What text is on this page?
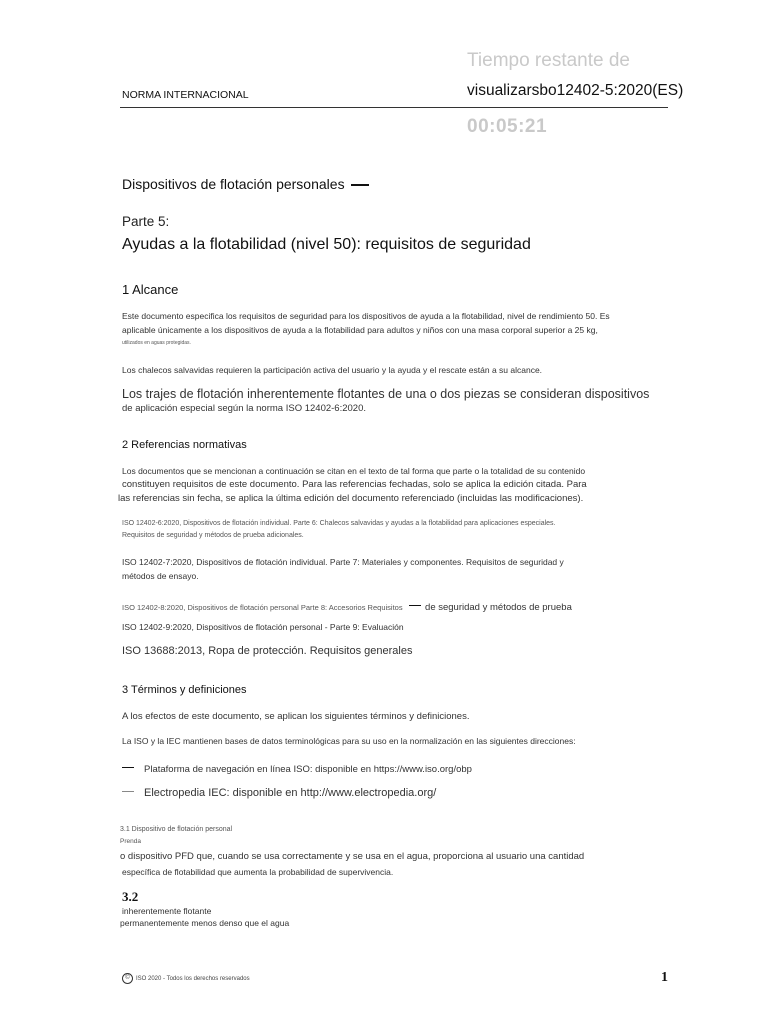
Tiempo restante de
00:05:21
NORMA INTERNACIONAL	visualizarsbo12402-5:2020(ES)
Dispositivos de flotación personales
Parte 5:
Ayudas a la flotabilidad (nivel 50): requisitos de seguridad
1 Alcance
Este documento especifica los requisitos de seguridad para los dispositivos de ayuda a la flotabilidad, nivel de rendimiento 50. Es
aplicable únicamente a los dispositivos de ayuda a la flotabilidad para adultos y niños con una masa corporal superior a 25 kg,
utilizados en aguas protegidas.
Los chalecos salvavidas requieren la participación activa del usuario y la ayuda y el rescate están a su alcance.
Los trajes de flotación inherentemente flotantes de una o dos piezas se consideran dispositivos
de aplicación especial según la norma ISO 12402-6:2020.
2 Referencias normativas
Los documentos que se mencionan a continuación se citan en el texto de tal forma que parte o la totalidad de su contenido
constituyen requisitos de este documento. Para las referencias fechadas, solo se aplica la edición citada. Para
las referencias sin fecha, se aplica la última edición del documento referenciado (incluidas las modificaciones).
ISO 12402-6:2020, Dispositivos de flotación individual. Parte 6: Chalecos salvavidas y ayudas a la flotabilidad para aplicaciones especiales.
Requisitos de seguridad y métodos de prueba adicionales.
ISO 12402-7:2020, Dispositivos de flotación individual. Parte 7: Materiales y componentes. Requisitos de seguridad y
métodos de ensayo.
ISO 12402-8:2020, Dispositivos de flotación personal Parte 8: Accesorios Requisitos de seguridad y métodos de prueba
ISO 12402-9:2020, Dispositivos de flotación personal - Parte 9: Evaluación
ISO 13688:2013, Ropa de protección. Requisitos generales
3 Términos y definiciones
A los efectos de este documento, se aplican los siguientes términos y definiciones.
La ISO y la IEC mantienen bases de datos terminológicas para su uso en la normalización en las siguientes direcciones:
Plataforma de navegación en línea ISO: disponible en https://www.iso.org/obp
Electropedia IEC: disponible en http://www.electropedia.org/
3.1 Dispositivo de flotación personal
Prenda
o dispositivo PFD que, cuando se usa correctamente y se usa en el agua, proporciona al usuario una cantidad
específica de flotabilidad que aumenta la probabilidad de supervivencia.
3.2
inherentemente flotante
permanentemente menos denso que el agua
© ISO 2020 - Todos los derechos reservados	1
